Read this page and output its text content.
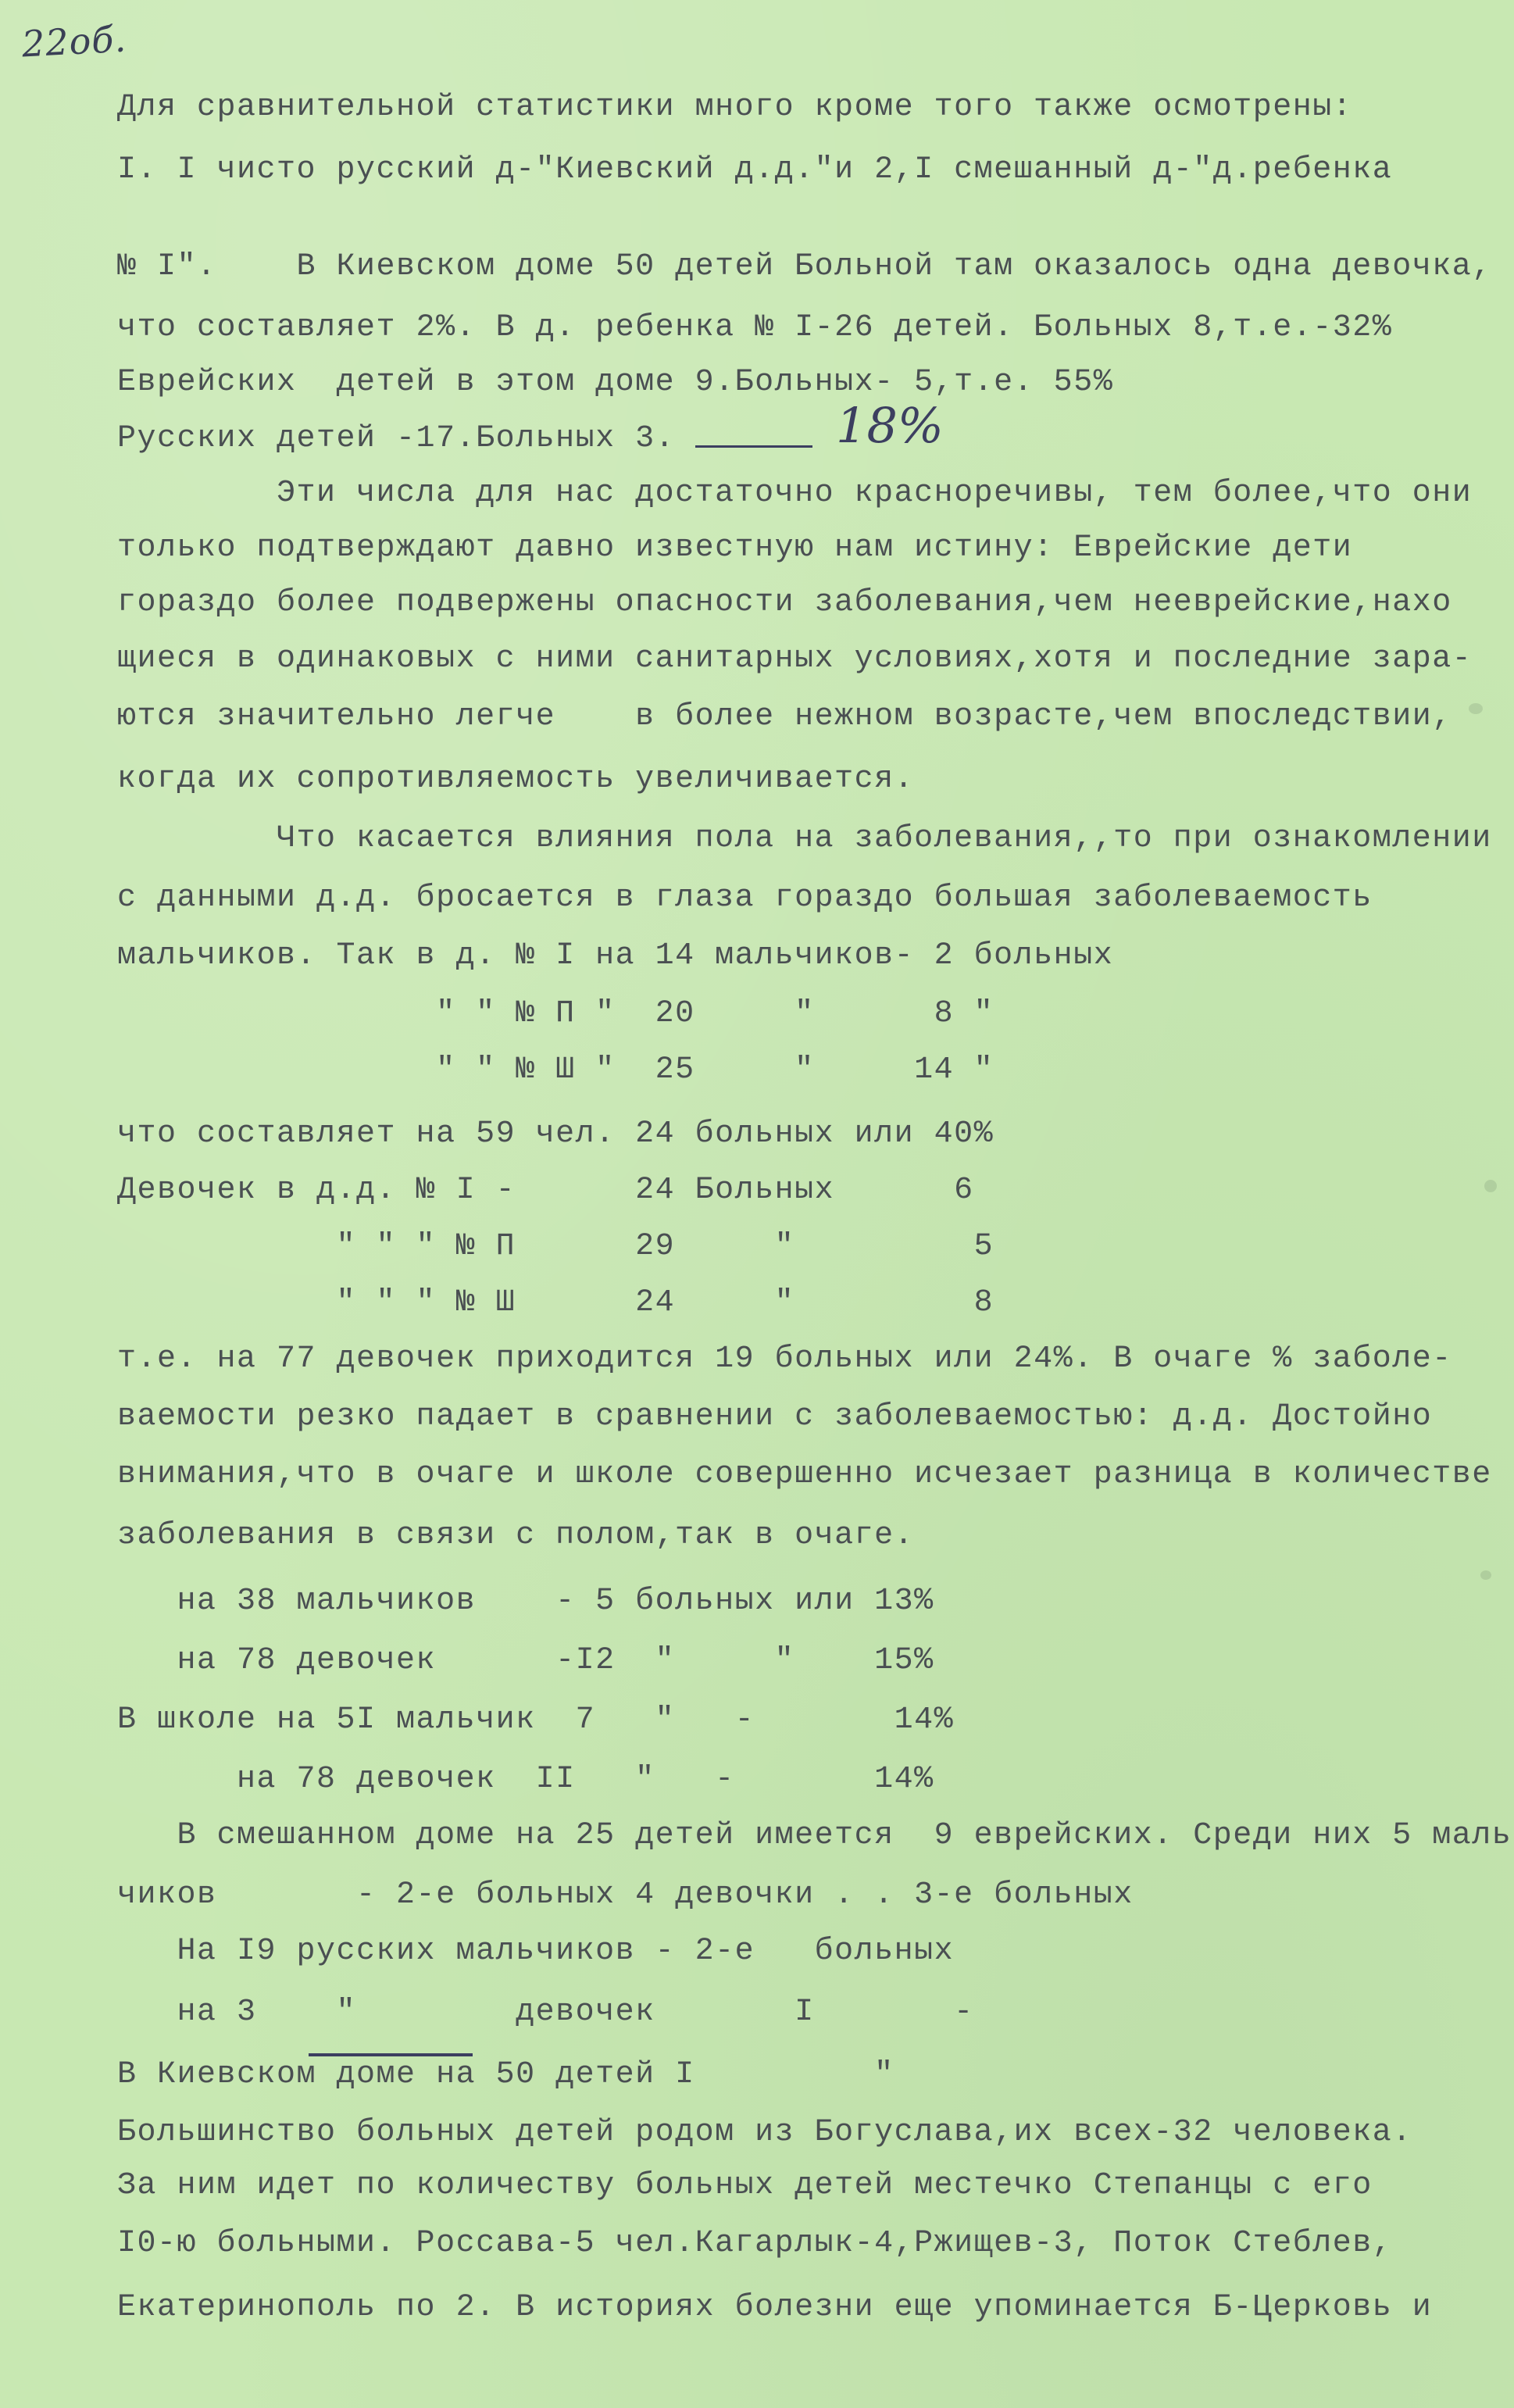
22об.
Для сравнительной статистики много кроме того также осмотрены:
I. I чисто русский д-"Киевский д.д."и 2,I смешанный д-"д.ребенка
№ I".    В Киевском доме 50 детей Больной там оказалось одна девочка,
что составляет 2%. В д. ребенка № I-26 детей. Больных 8,т.е.-32%
Еврейских  детей в этом доме 9.Больных- 5,т.е. 55%
Русских детей -17.Больных 3.	18%
Эти числа для нас достаточно красноречивы, тем более,что они
только подтверждают давно известную нам истину: Еврейские дети
гораздо более подвержены опасности заболевания,чем нееврейские,нахо
щиеся в одинаковых с ними санитарных условиях,хотя и последние зара-
ются значительно легче    в более нежном возрасте,чем впоследствии,
когда их сопротивляемость увеличивается.
Что касается влияния пола на заболевания,,то при ознакомлении
с данными д.д. бросается в глаза гораздо большая заболеваемость
мальчиков. Так в д. № I на 14 мальчиков- 2 больных
" " № П "  20     "      8 "
" " № Ш "  25     "     14 "
что составляет на 59 чел. 24 больных или 40%
Девочек в д.д. № I -      24 Больных      6
" " " № П      29     "         5
" " " № Ш      24     "         8
т.е. на 77 девочек приходится 19 больных или 24%. В очаге % заболе-
ваемости резко падает в сравнении с заболеваемостью: д.д. Достойно
внимания,что в очаге и школе совершенно исчезает разница в количестве
заболевания в связи с полом,так в очаге.
на 38 мальчиков    - 5 больных или 13%
на 78 девочек      -I2  "     "    15%
В школе на 5I мальчик  7   "   -       14%
на 78 девочек  II   "   -       14%
В смешанном доме на 25 детей имеется  9 еврейских. Среди них 5 маль
чиков       - 2-е больных 4 девочки . . 3-е больных
На I9 русских мальчиков - 2-е   больных
на 3    "        девочек       I       -
В Киевском доме на 50 детей I         "
Большинство больных детей родом из Богуслава,их всех-32 человека.
За ним идет по количеству больных детей местечко Степанцы с его
I0-ю больными. Россава-5 чел.Кагарлык-4,Ржищев-3, Поток Стеблев,
Екатеринополь по 2. В историях болезни еще упоминается Б-Церковь и
